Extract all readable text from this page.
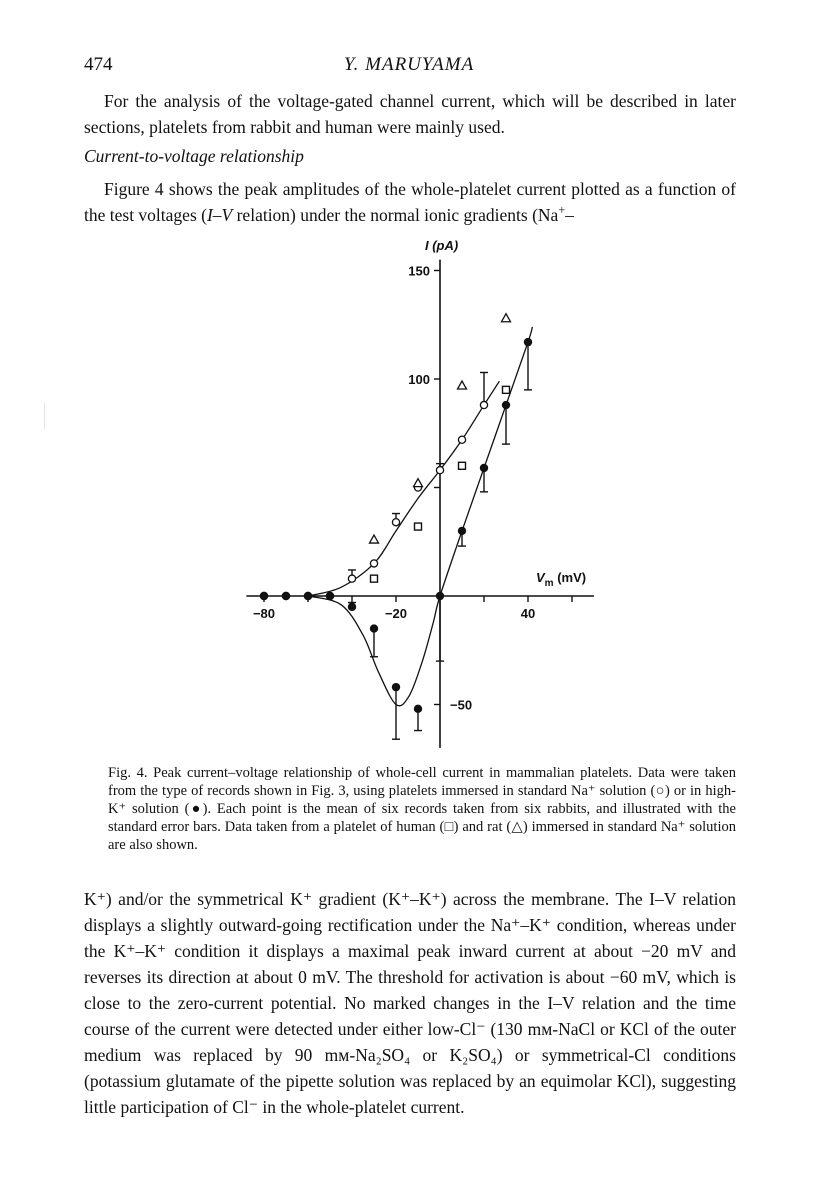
474	Y. MARUYAMA

For the analysis of the voltage-gated channel current, which will be described in later sections, platelets from rabbit and human were mainly used.

Current-to-voltage relationship

Figure 4 shows the peak amplitudes of the whole-platelet current plotted as a function of the test voltages (I–V relation) under the normal ionic gradients (Na+–

−80	−20	40
150
100
−50
I (pA)
$V_m$ (mV)
Fig. 4. Peak current–voltage relationship of whole-cell current in mammalian platelets. Data were taken from the type of records shown in Fig. 3, using platelets immersed in standard Na⁺ solution (○) or in high-K⁺ solution (●). Each point is the mean of six records taken from six rabbits, and illustrated with the standard error bars. Data taken from a platelet of human (□) and rat (△) immersed in standard Na⁺ solution are also shown.

K⁺) and/or the symmetrical K⁺ gradient (K⁺–K⁺) across the membrane. The I–V relation displays a slightly outward-going rectification under the Na⁺–K⁺ condition, whereas under the K⁺–K⁺ condition it displays a maximal peak inward current at about −20 mV and reverses its direction at about 0 mV. The threshold for activation is about −60 mV, which is close to the zero-current potential. No marked changes in the I–V relation and the time course of the current were detected under either low-Cl⁻ (130 mᴍ-NaCl or KCl of the outer medium was replaced by 90 mᴍ-Na₂SO₄ or K₂SO₄) or symmetrical-Cl conditions (potassium glutamate of the pipette solution was replaced by an equimolar KCl), suggesting little participation of Cl⁻ in the whole-platelet current.
